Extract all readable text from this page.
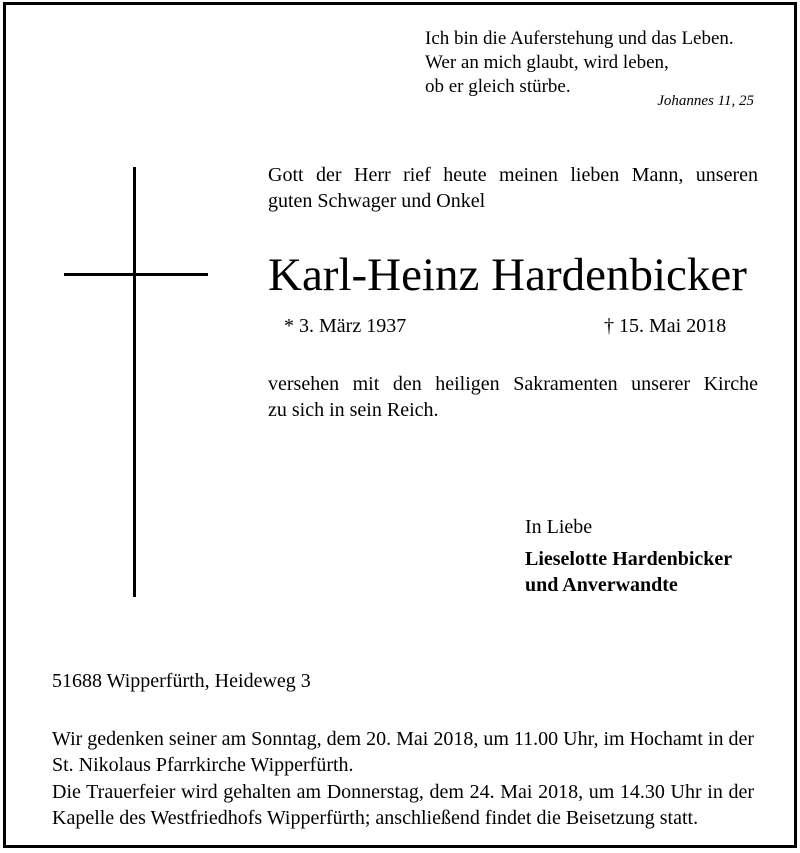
Ich bin die Auferstehung und das Leben.
Wer an mich glaubt, wird leben,
ob er gleich stürbe.
Johannes 11, 25
Gott der Herr rief heute meinen lieben Mann, unseren
guten Schwager und Onkel
Karl-Heinz Hardenbicker
* 3. März 1937	† 15. Mai 2018
versehen mit den heiligen Sakramenten unserer Kirche
zu sich in sein Reich.
In Liebe
Lieselotte Hardenbicker
und Anverwandte
51688 Wipperfürth, Heideweg 3
Wir gedenken seiner am Sonntag, dem 20. Mai 2018, um 11.00 Uhr, im Hochamt in der
St. Nikolaus Pfarrkirche Wipperfürth.
Die Trauerfeier wird gehalten am Donnerstag, dem 24. Mai 2018, um 14.30 Uhr in der
Kapelle des Westfriedhofs Wipperfürth; anschließend findet die Beisetzung statt.
